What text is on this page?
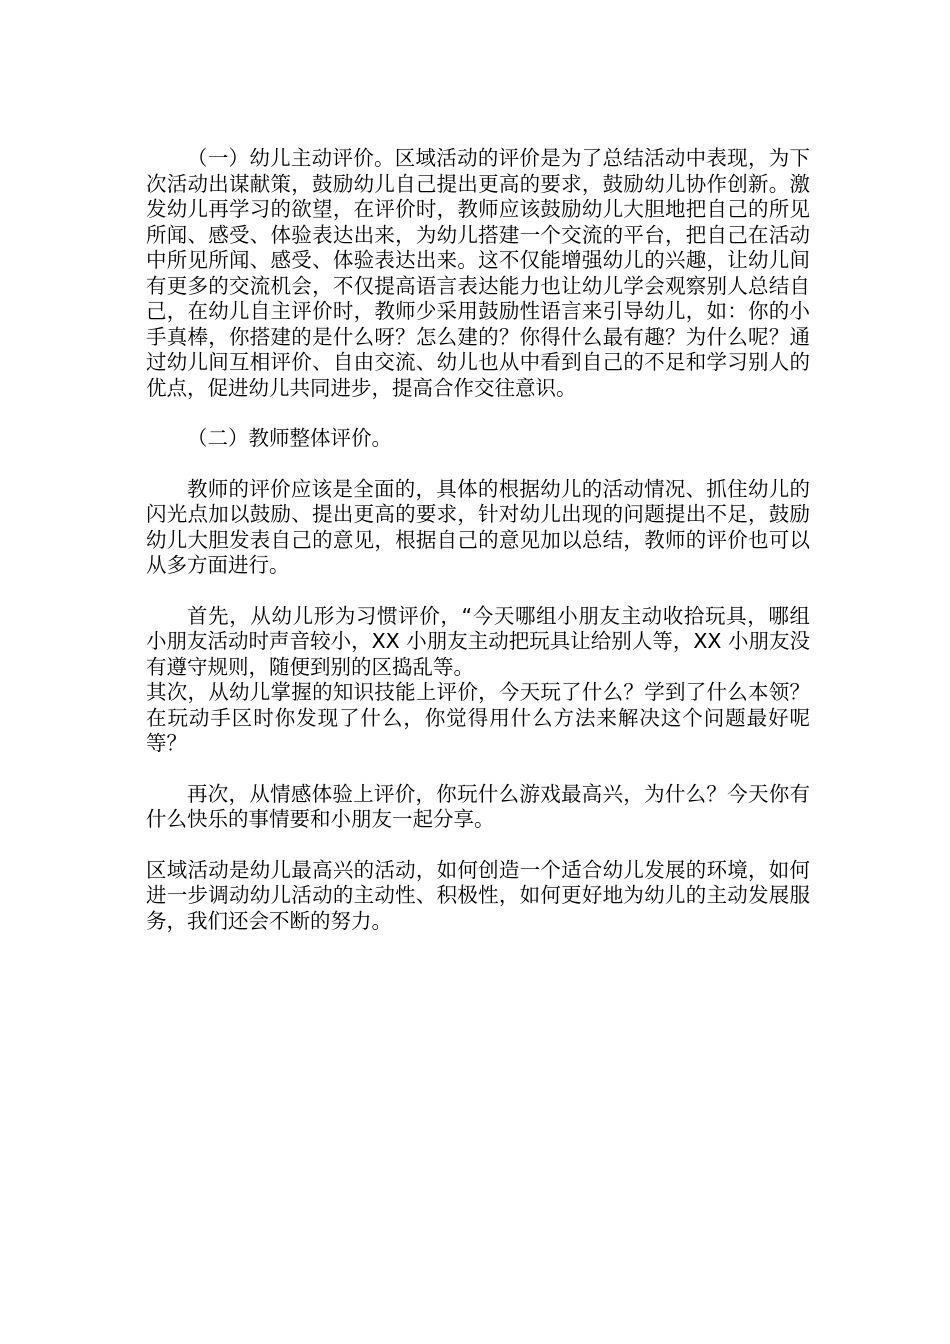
（一）幼儿主动评价。区域活动的评价是为了总结活动中表现，为下次活动出谋献策，鼓励幼儿自己提出更高的要求，鼓励幼儿协作创新。激发幼儿再学习的欲望，在评价时，教师应该鼓励幼儿大胆地把自己的所见所闻、感受、体验表达出来，为幼儿搭建一个交流的平台，把自己在活动中所见所闻、感受、体验表达出来。这不仅能增强幼儿的兴趣，让幼儿间有更多的交流机会，不仅提高语言表达能力也让幼儿学会观察别人总结自己，在幼儿自主评价时，教师少采用鼓励性语言来引导幼儿，如：你的小手真棒，你搭建的是什么呀？怎么建的？你得什么最有趣？为什么呢？通过幼儿间互相评价、自由交流、幼儿也从中看到自己的不足和学习别人的优点，促进幼儿共同进步，提高合作交往意识。

（二）教师整体评价。

教师的评价应该是全面的，具体的根据幼儿的活动情况、抓住幼儿的闪光点加以鼓励、提出更高的要求，针对幼儿出现的问题提出不足，鼓励幼儿大胆发表自己的意见，根据自己的意见加以总结，教师的评价也可以从多方面进行。

首先，从幼儿形为习惯评价，“今天哪组小朋友主动收拾玩具，哪组小朋友活动时声音较小，XX 小朋友主动把玩具让给别人等，XX 小朋友没有遵守规则，随便到别的区捣乱等。

其次，从幼儿掌握的知识技能上评价，今天玩了什么？学到了什么本领？在玩动手区时你发现了什么，你觉得用什么方法来解决这个问题最好呢等？

再次，从情感体验上评价，你玩什么游戏最高兴，为什么？今天你有什么快乐的事情要和小朋友一起分享。

区域活动是幼儿最高兴的活动，如何创造一个适合幼儿发展的环境，如何进一步调动幼儿活动的主动性、积极性，如何更好地为幼儿的主动发展服务，我们还会不断的努力。
